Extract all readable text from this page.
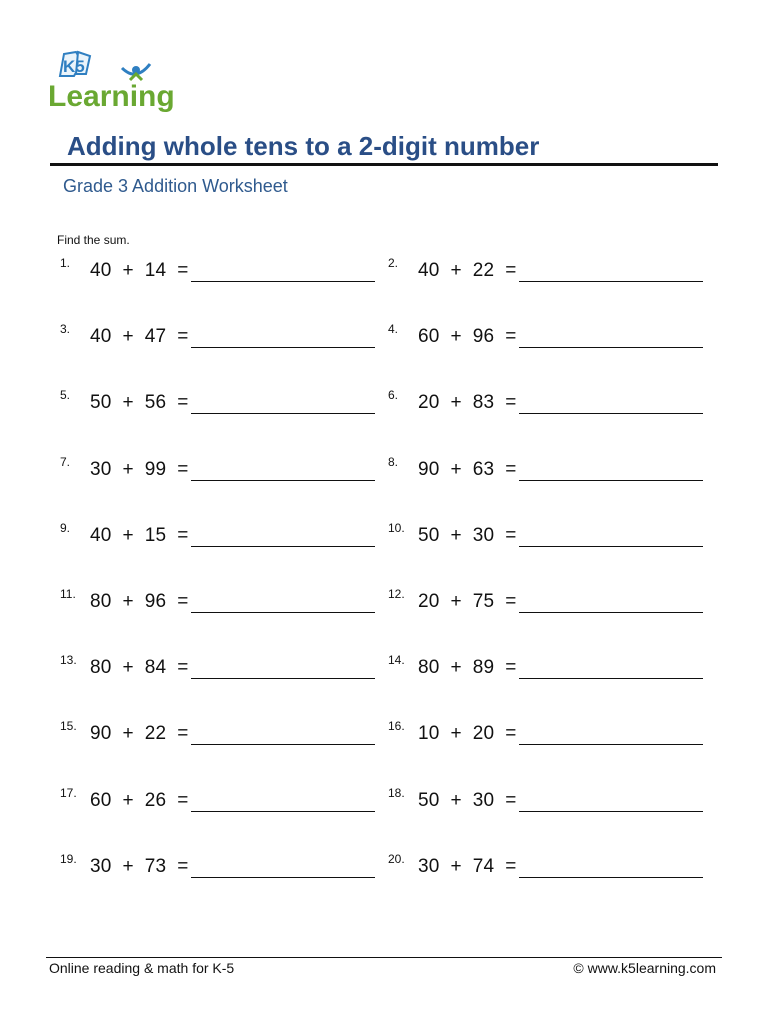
K5
Learning
Adding whole tens to a 2-digit number
Grade 3 Addition Worksheet
Find the sum.
1. 40 + 14 =	2. 40 + 22 =
3. 40 + 47 =	4. 60 + 96 =
5. 50 + 56 =	6. 20 + 83 =
7. 30 + 99 =	8. 90 + 63 =
9. 40 + 15 =	10. 50 + 30 =
11. 80 + 96 =	12. 20 + 75 =
13. 80 + 84 =	14. 80 + 89 =
15. 90 + 22 =	16. 10 + 20 =
17. 60 + 26 =	18. 50 + 30 =
19. 30 + 73 =	20. 30 + 74 =
Online reading & math for K-5	© www.k5learning.com
